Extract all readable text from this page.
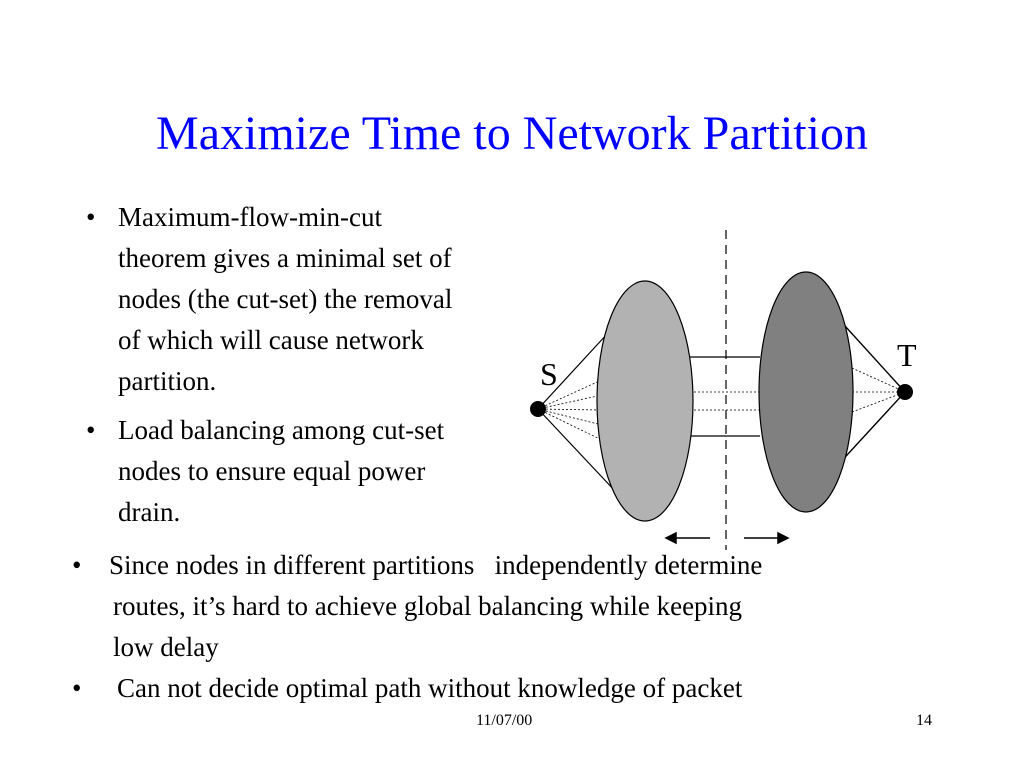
Maximize Time to Network Partition
• Maximum-flow-min-cut
theorem gives a minimal set of
nodes (the cut-set) the removal
of which will cause network
partition.
• Load balancing among cut-set
nodes to ensure equal power
drain.
S
T
• Since nodes in different partitions   independently determine
routes, it’s hard to achieve global balancing while keeping
low delay
• Can not decide optimal path without knowledge of packet
11/07/00	14
